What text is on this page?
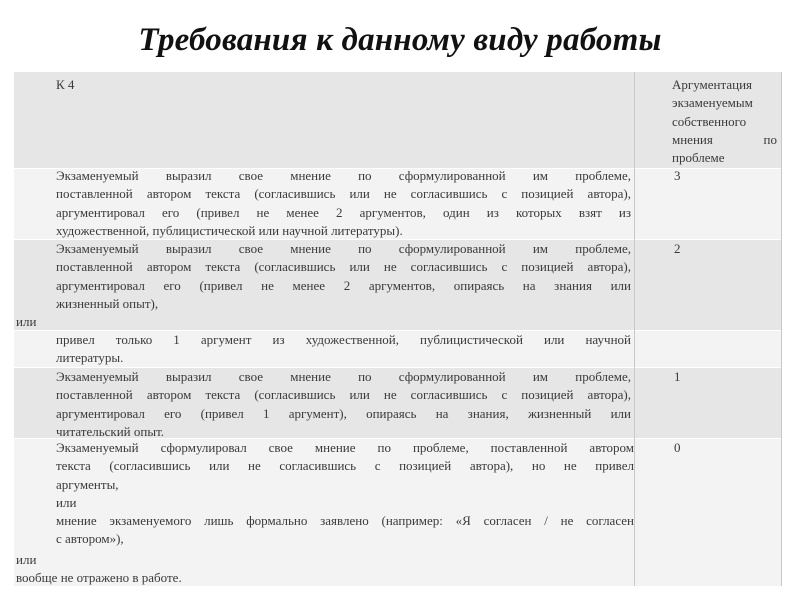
Требования к данному виду работы
К 4	Аргументация
экзаменуемым
собственного
мнения по
проблеме
Экзаменуемый выразил свое мнение по сформулированной им проблеме,
поставленной автором текста (согласившись или не согласившись с позицией автора),
аргументировал его (привел не менее 2 аргументов, один из которых взят из
художественной, публицистической или научной литературы).
3
Экзаменуемый выразил свое мнение по сформулированной им проблеме,
поставленной автором текста (согласившись или не согласившись с позицией автора),
аргументировал его (привел не менее 2 аргументов, опираясь на знания или
жизненный опыт),
2
или
привел только 1 аргумент из художественной, публицистической или научной
литературы.
Экзаменуемый выразил свое мнение по сформулированной им проблеме,
поставленной автором текста (согласившись или не согласившись с позицией автора),
аргументировал его (привел 1 аргумент), опираясь на знания, жизненный или
читательский опыт.
1
Экзаменуемый сформулировал свое мнение по проблеме, поставленной автором
текста (согласившись или не согласившись с позицией автора), но не привел
аргументы,
или
мнение экзаменуемого лишь формально заявлено (например: «Я согласен / не согласен
с автором»),
0
или
вообще не отражено в работе.
